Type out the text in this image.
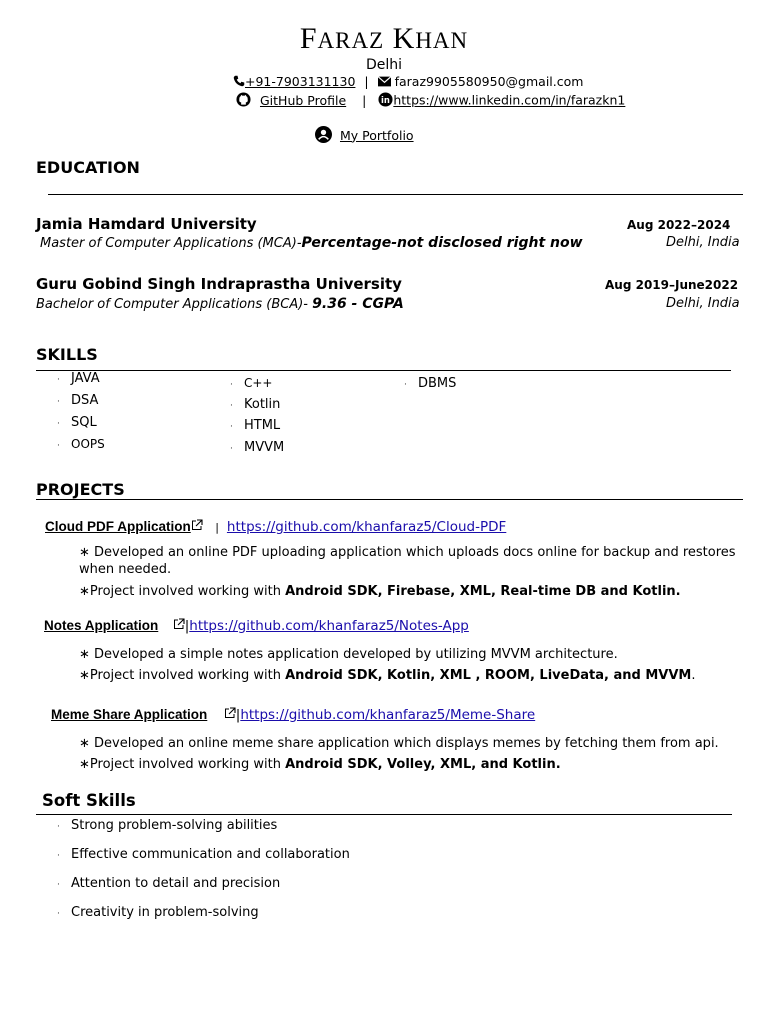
FARAZ KHAN
Delhi
+91-7903131130 | faraz9905580950@gmail.com
GitHub Profile | in https://www.linkedin.com/in/farazkn1
My Portfolio
EDUCATION
Jamia Hamdard University	Aug 2022–2024
Master of Computer Applications (MCA)-Percentage-not disclosed right now	Delhi, India
Guru Gobind Singh Indraprastha University	Aug 2019–June2022
Bachelor of Computer Applications (BCA)- 9.36 - CGPA	Delhi, India
SKILLS
· JAVA
· DSA
· SQL
· OOPS
· C++
· Kotlin
· HTML
· MVVM
· DBMS
PROJECTS
Cloud PDF Application | https://github.com/khanfaraz5/Cloud-PDF
∗ Developed an online PDF uploading application which uploads docs online for backup and restores
when needed.
∗Project involved working with Android SDK, Firebase, XML, Real-time DB and Kotlin.
Notes Application |https://github.com/khanfaraz5/Notes-App
∗ Developed a simple notes application developed by utilizing MVVM architecture.
∗Project involved working with Android SDK, Kotlin, XML , ROOM, LiveData, and MVVM.
Meme Share Application |https://github.com/khanfaraz5/Meme-Share
∗ Developed an online meme share application which displays memes by fetching them from api.
∗Project involved working with Android SDK, Volley, XML, and Kotlin.
Soft Skills
· Strong problem-solving abilities
· Effective communication and collaboration
· Attention to detail and precision
· Creativity in problem-solving
